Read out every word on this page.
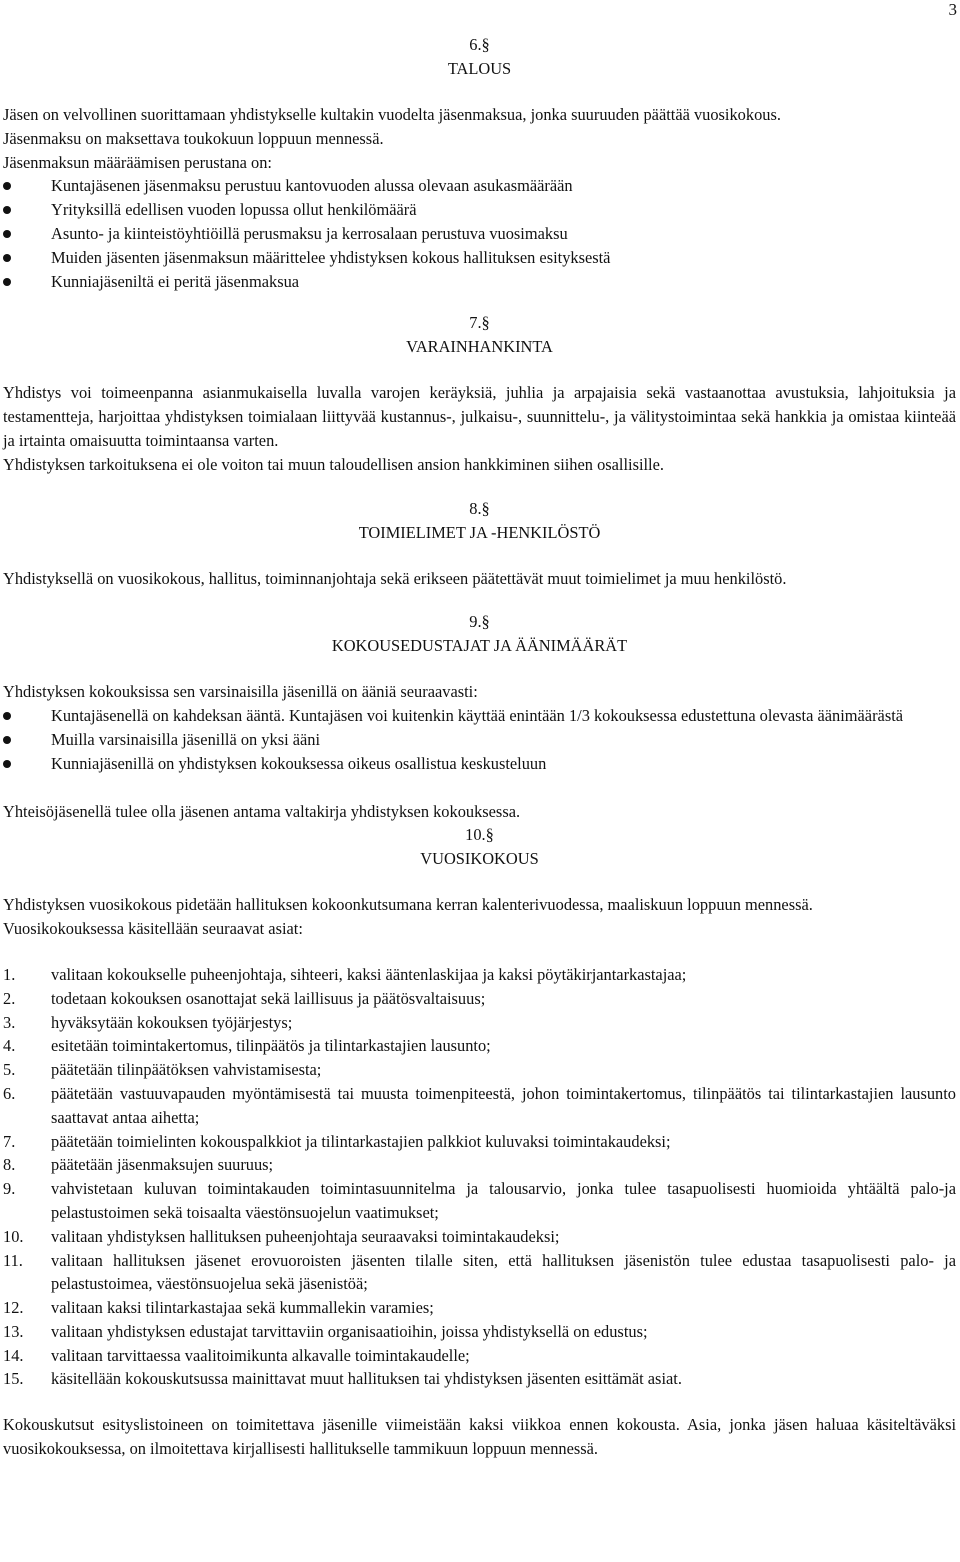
3
6.§
TALOUS

Jäsen on velvollinen suorittamaan yhdistykselle kultakin vuodelta jäsenmaksua, jonka suuruuden päättää vuosikokous.

Jäsenmaksu on maksettava toukokuun loppuun mennessä.

Jäsenmaksun määräämisen perustana on:

Kuntajäsenen jäsenmaksu perustuu kantovuoden alussa olevaan asukasmäärään
Yrityksillä edellisen vuoden lopussa ollut henkilömäärä
Asunto- ja kiinteistöyhtiöillä perusmaksu ja kerrosalaan perustuva vuosimaksu
Muiden jäsenten jäsenmaksun määrittelee yhdistyksen kokous hallituksen esityksestä
Kunniajäseniltä ei peritä jäsenmaksua
7.§
VARAINHANKINTA

Yhdistys voi toimeenpanna asianmukaisella luvalla varojen keräyksiä, juhlia ja arpajaisia sekä vastaanottaa avustuksia, lahjoituksia ja testamentteja, harjoittaa yhdistyksen toimialaan liittyvää kustannus-, julkaisu-, suunnittelu-, ja välitystoimintaa sekä hankkia ja omistaa kiinteää ja irtainta omaisuutta toimintaansa varten.

Yhdistyksen tarkoituksena ei ole voiton tai muun taloudellisen ansion hankkiminen siihen osallisille.

8.§
TOIMIELIMET JA -HENKILÖSTÖ

Yhdistyksellä on vuosikokous, hallitus, toiminnanjohtaja sekä erikseen päätettävät muut toimielimet ja muu henkilöstö.

9.§
KOKOUSEDUSTAJAT JA ÄÄNIMÄÄRÄT

Yhdistyksen kokouksissa sen varsinaisilla jäsenillä on ääniä seuraavasti:

Kuntajäsenellä on kahdeksan ääntä. Kuntajäsen voi kuitenkin käyttää enintään 1/3 kokouksessa edustettuna olevasta äänimäärästä
Muilla varsinaisilla jäsenillä on yksi ääni
Kunniajäsenillä on yhdistyksen kokouksessa oikeus osallistua keskusteluun

Yhteisöjäsenellä tulee olla jäsenen antama valtakirja yhdistyksen kokouksessa.

10.§
VUOSIKOKOUS

Yhdistyksen vuosikokous pidetään hallituksen kokoonkutsumana kerran kalenterivuodessa, maaliskuun loppuun mennessä.

Vuosikokouksessa käsitellään seuraavat asiat:

1. valitaan kokoukselle puheenjohtaja, sihteeri, kaksi ääntenlaskijaa ja kaksi pöytäkirjantarkastajaa;
2. todetaan kokouksen osanottajat sekä laillisuus ja päätösvaltaisuus;
3. hyväksytään kokouksen työjärjestys;
4. esitetään toimintakertomus, tilinpäätös ja tilintarkastajien lausunto;
5. päätetään tilinpäätöksen vahvistamisesta;
6. päätetään vastuuvapauden myöntämisestä tai muusta toimenpiteestä, johon toimintakertomus, tilinpäätös tai tilintarkastajien lausunto saattavat antaa aihetta;
7. päätetään toimielinten kokouspalkkiot ja tilintarkastajien palkkiot kuluvaksi toimintakaudeksi;
8. päätetään jäsenmaksujen suuruus;
9. vahvistetaan kuluvan toimintakauden toimintasuunnitelma ja talousarvio, jonka tulee tasapuolisesti huomioida yhtäältä palo-ja pelastustoimen sekä toisaalta väestönsuojelun vaatimukset;
10. valitaan yhdistyksen hallituksen puheenjohtaja seuraavaksi toimintakaudeksi;
11. valitaan hallituksen jäsenet erovuoroisten jäsenten tilalle siten, että hallituksen jäsenistön tulee edustaa tasapuolisesti palo- ja pelastustoimea, väestönsuojelua sekä jäsenistöä;
12. valitaan kaksi tilintarkastajaa sekä kummallekin varamies;
13. valitaan yhdistyksen edustajat tarvittaviin organisaatioihin, joissa yhdistyksellä on edustus;
14. valitaan tarvittaessa vaalitoimikunta alkavalle toimintakaudelle;
15. käsitellään kokouskutsussa mainittavat muut hallituksen tai yhdistyksen jäsenten esittämät asiat.

Kokouskutsut esityslistoineen on toimitettava jäsenille viimeistään kaksi viikkoa ennen kokousta. Asia, jonka jäsen haluaa käsiteltäväksi vuosikokouksessa, on ilmoitettava kirjallisesti hallitukselle tammikuun loppuun mennessä.
